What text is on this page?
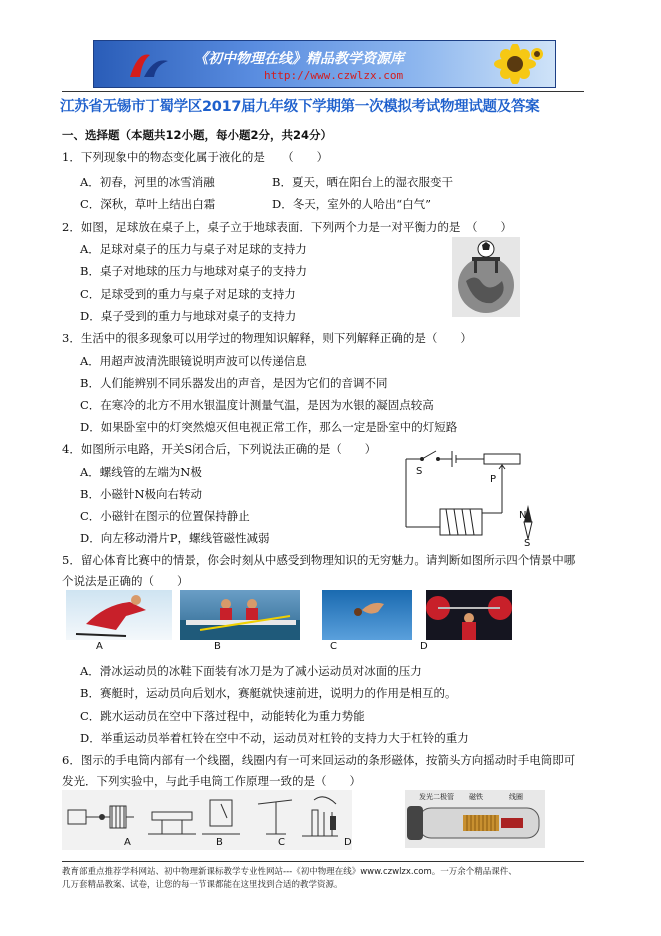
《初中物理在线》精品教学资源库
http://www.czwlzx.com
江苏省无锡市丁蜀学区2017届九年级下学期第一次模拟考试物理试题及答案
一、选择题（本题共12小题，每小题2分，共24分）
1．下列现象中的物态变化属于液化的是　　（　　）
A．初春，河里的冰雪消融	B．夏天，晒在阳台上的湿衣服变干
C．深秋，草叶上结出白霜	D．冬天，室外的人哈出“白气”
2．如图，足球放在桌子上，桌子立于地球表面．下列两个力是一对平衡力的是　（　　）
A．足球对桌子的压力与桌子对足球的支持力
B．桌子对地球的压力与地球对桌子的支持力
C．足球受到的重力与桌子对足球的支持力
D．桌子受到的重力与地球对桌子的支持力
3．生活中的很多现象可以用学过的物理知识解释，则下列解释正确的是（　　）
A．用超声波清洗眼镜说明声波可以传递信息
B．人们能辨别不同乐器发出的声音，是因为它们的音调不同
C．在寒冷的北方不用水银温度计测量气温，是因为水银的凝固点较高
D．如果卧室中的灯突然熄灭但电视正常工作，那么一定是卧室中的灯短路
4．如图所示电路，开关S闭合后，下列说法正确的是（　　）
A．螺线管的左端为N极
B．小磁针N极向右转动
C．小磁针在图示的位置保持静止
D．向左移动滑片P，螺线管磁性减弱
S
P
N
S
5．留心体育比赛中的情景，你会时刻从中感受到物理知识的无穷魅力。请判断如图所示四个情景中哪
个说法是正确的（　　）
A	B	C	D
A．滑冰运动员的冰鞋下面装有冰刀是为了减小运动员对冰面的压力
B．赛艇时，运动员向后划水，赛艇就快速前进，说明力的作用是相互的。
C．跳水运动员在空中下落过程中，动能转化为重力势能
D．举重运动员举着杠铃在空中不动，运动员对杠铃的支持力大于杠铃的重力
6．图示的手电筒内部有一个线圈，线圈内有一可来回运动的条形磁体，按箭头方向摇动时手电筒即可
发光．下列实验中，与此手电筒工作原理一致的是（　　）
A	B	C	D
发光二极管 磁铁	线圈
教育部重点推荐学科网站、初中物理新课标教学专业性网站---《初中物理在线》www.czwlzx.com。一万余个精品课件、
几万套精品教案、试卷，让您的每一节课都能在这里找到合适的教学资源。
